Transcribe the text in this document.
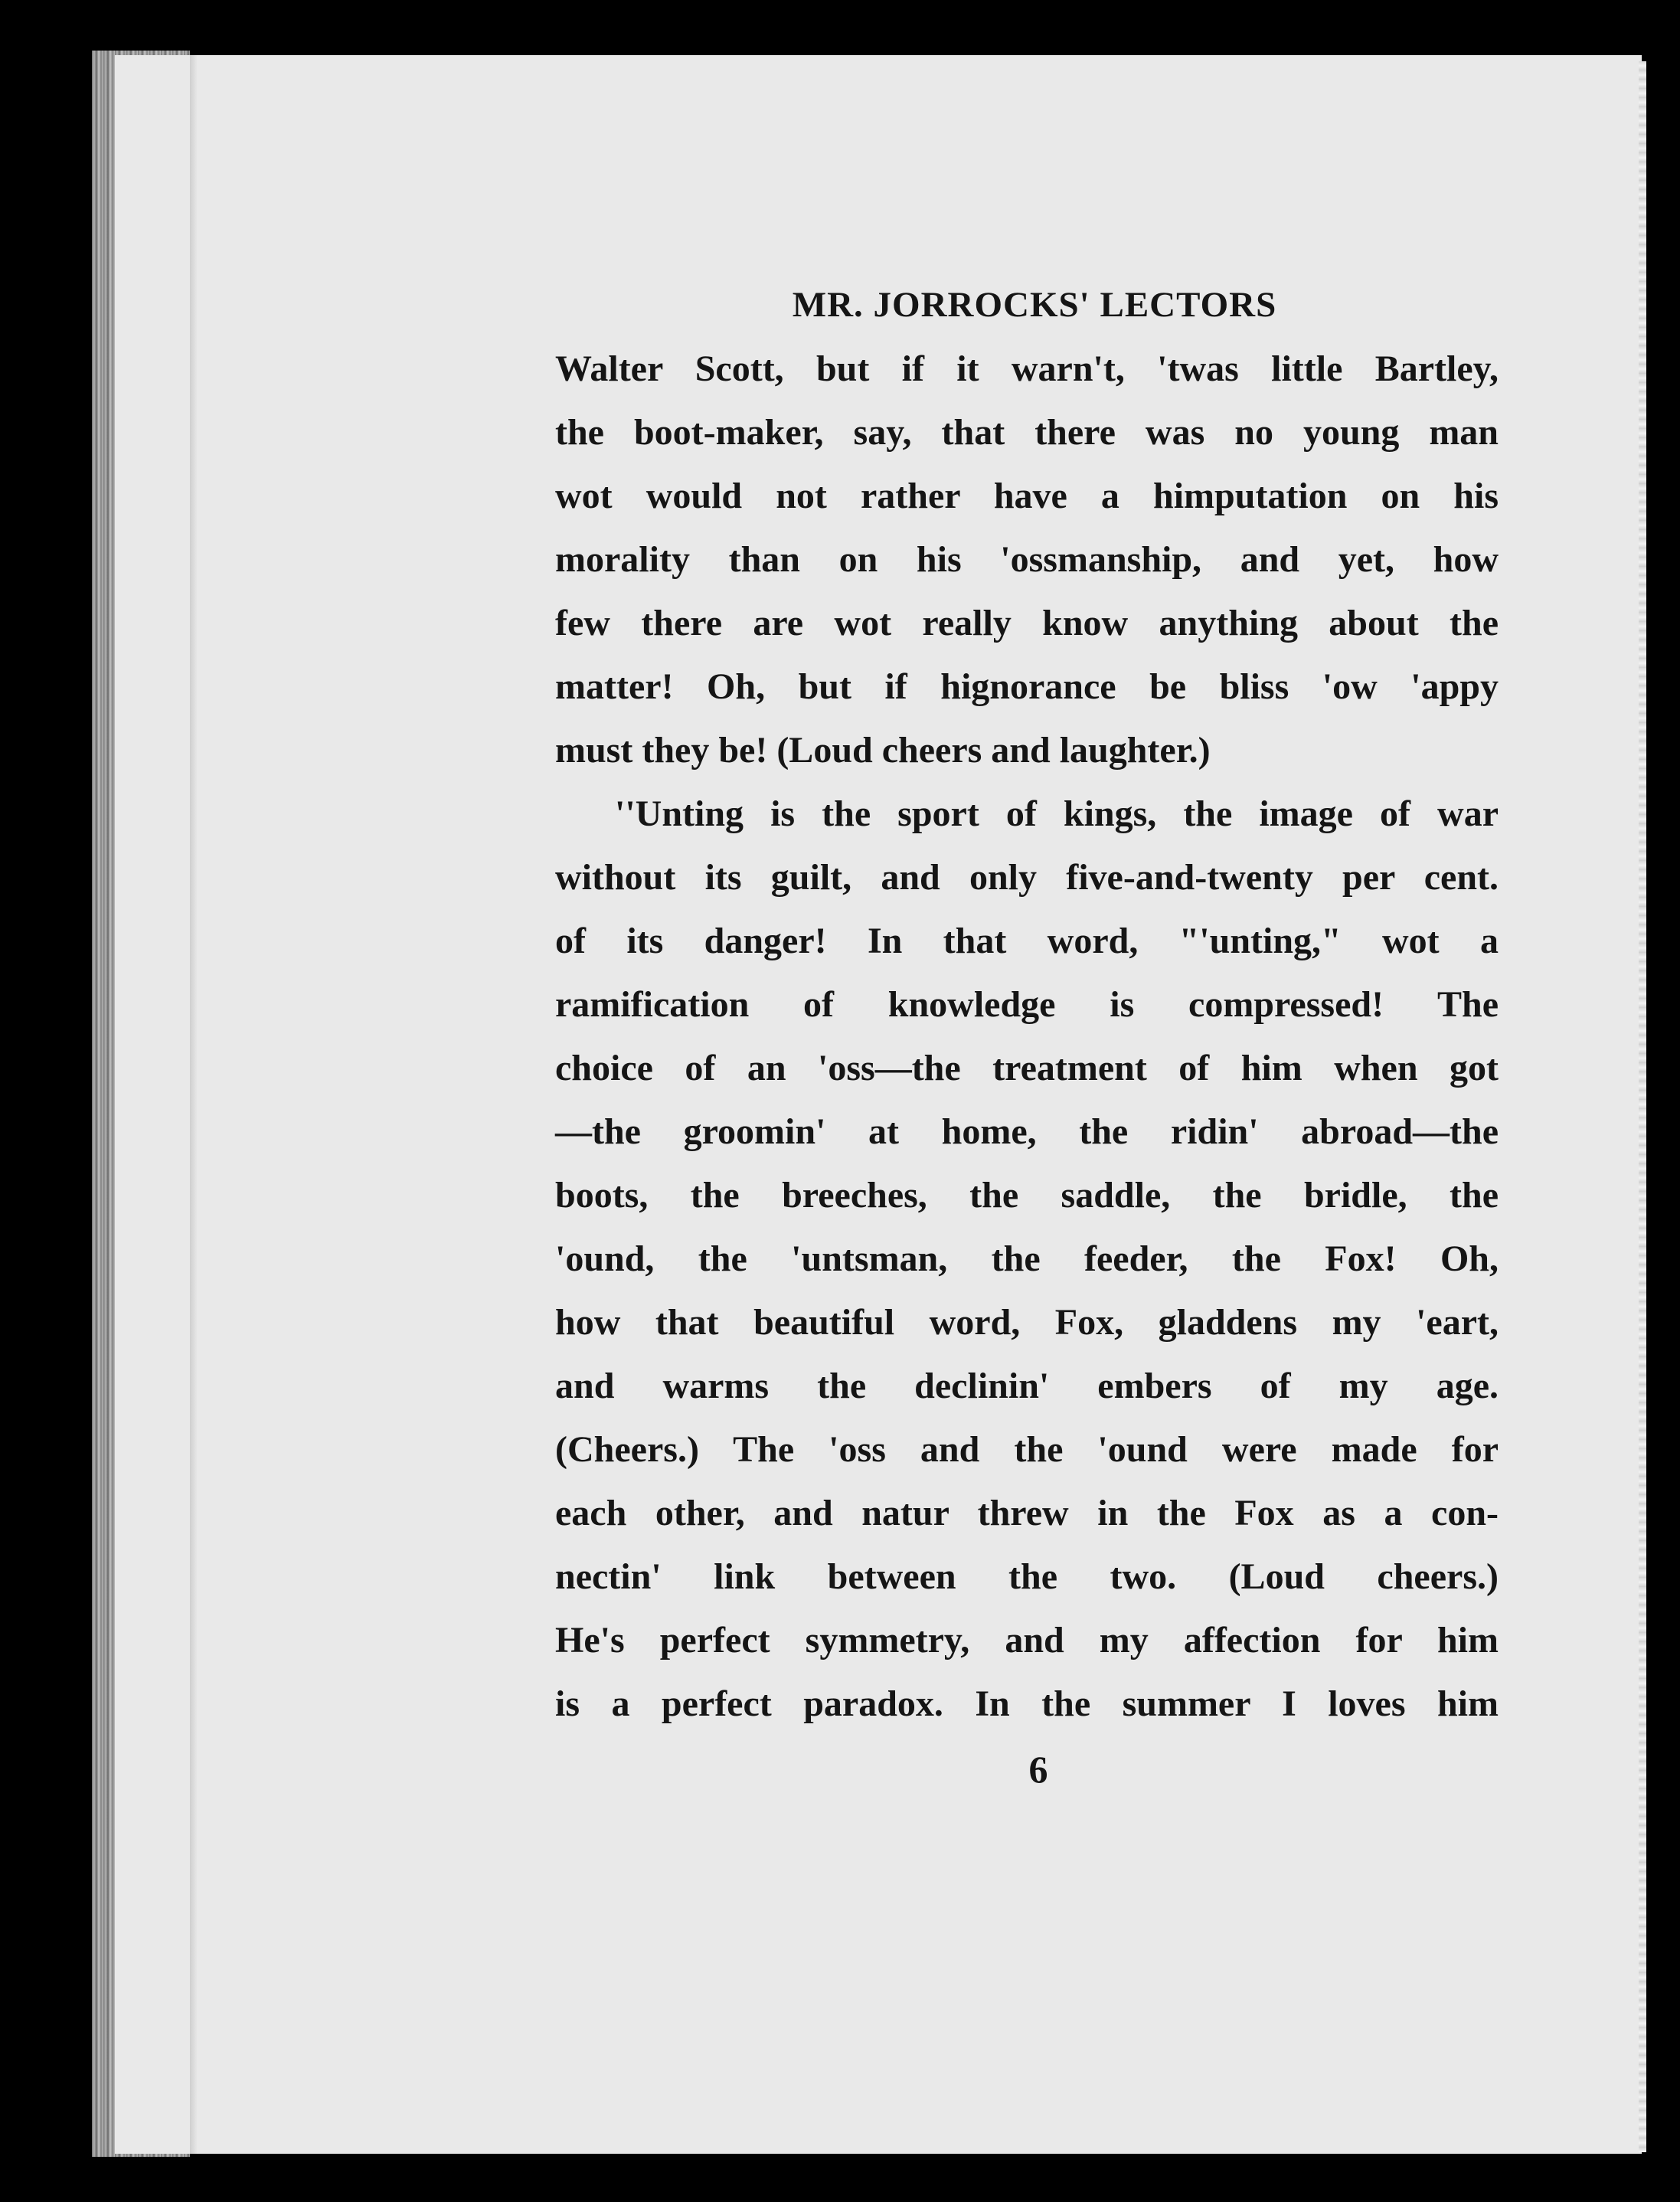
MR. JORROCKS' LECTORS
Walter Scott, but if it warn't, 'twas little Bartley,
the boot-maker, say, that there was no young man
wot would not rather have a himputation on his
morality than on his 'ossmanship, and yet, how
few there are wot really know anything about the
matter! Oh, but if hignorance be bliss 'ow 'appy
must they be! (Loud cheers and laughter.)
''Unting is the sport of kings, the image of war
without its guilt, and only five-and-twenty per cent.
of its danger! In that word, "'unting," wot a
ramification of knowledge is compressed! The
choice of an 'oss—the treatment of him when got
—the groomin' at home, the ridin' abroad—the
boots, the breeches, the saddle, the bridle, the
'ound, the 'untsman, the feeder, the Fox! Oh,
how that beautiful word, Fox, gladdens my 'eart,
and warms the declinin' embers of my age.
(Cheers.) The 'oss and the 'ound were made for
each other, and natur threw in the Fox as a con-
nectin' link between the two. (Loud cheers.)
He's perfect symmetry, and my affection for him
is a perfect paradox. In the summer I loves him
6
